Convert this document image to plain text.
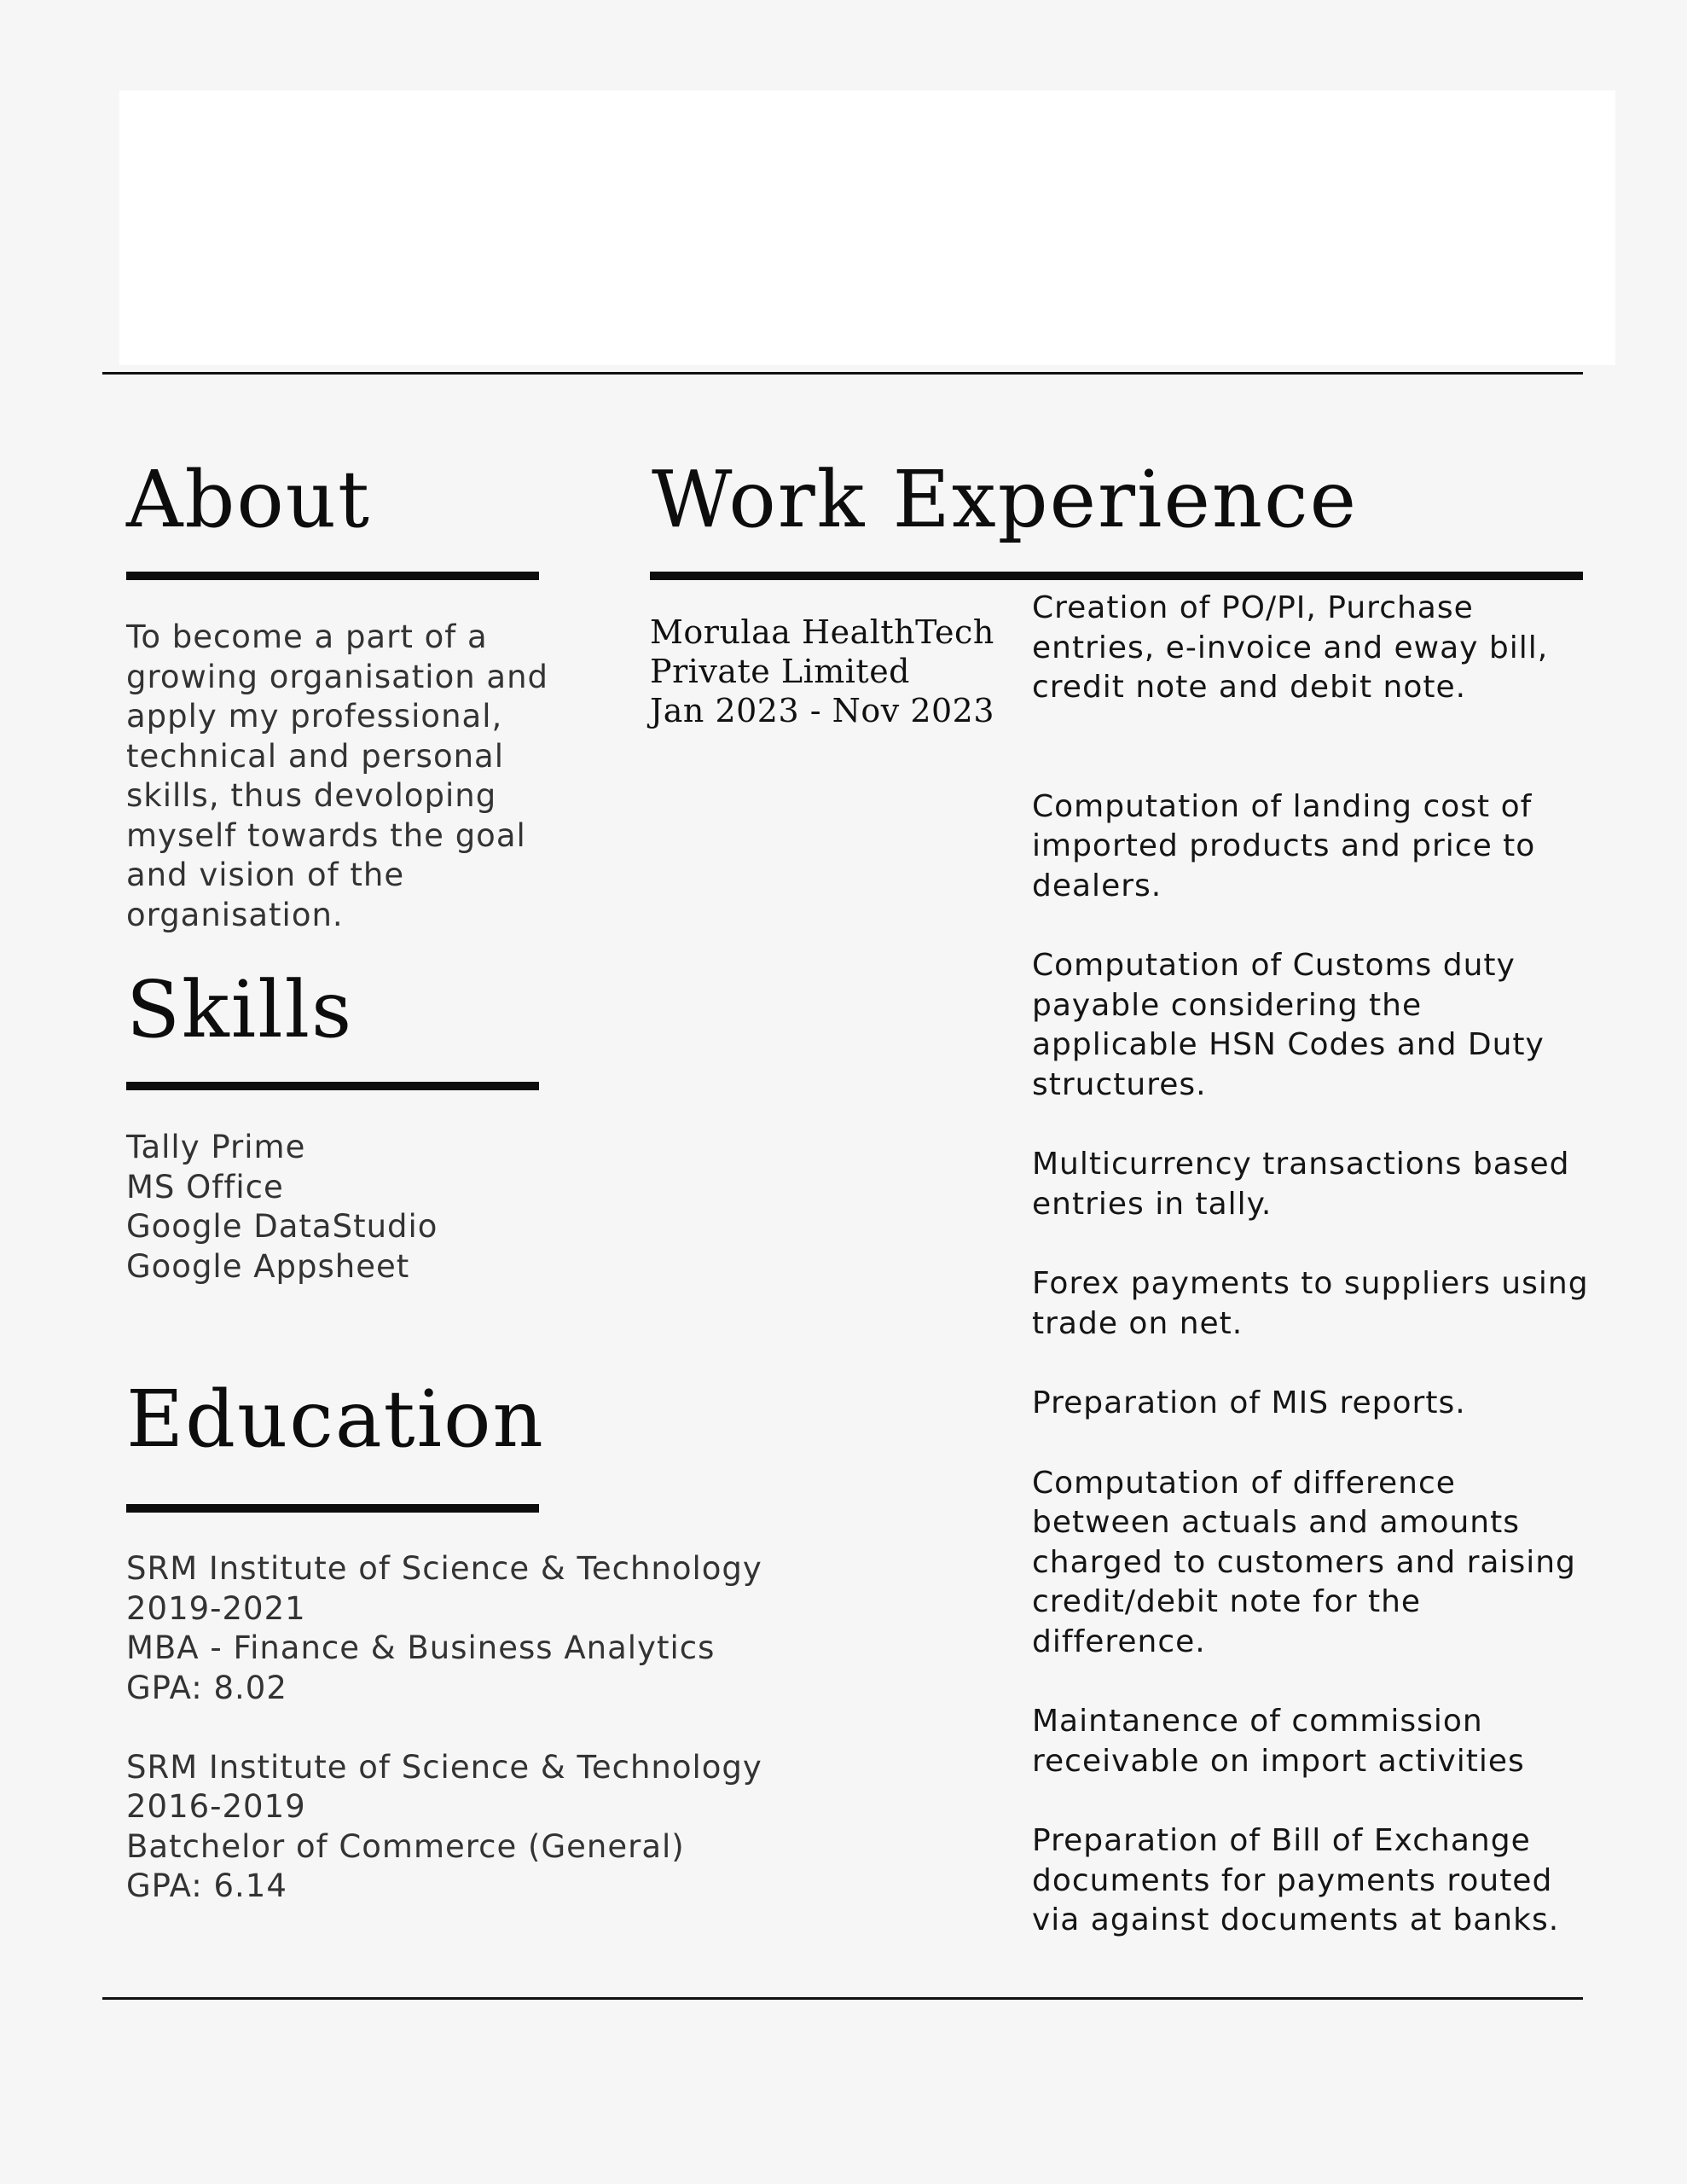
About
To become a part of a
growing organisation and
apply my professional,
technical and personal
skills, thus devoloping
myself towards the goal
and vision of the
organisation.
Skills
Tally Prime
MS Office
Google DataStudio
Google Appsheet
Education
SRM Institute of Science & Technology
2019-2021
MBA - Finance & Business Analytics
GPA: 8.02
SRM Institute of Science & Technology
2016-2019
Batchelor of Commerce (General)
GPA: 6.14
Work Experience
Morulaa HealthTech
Private Limited
Jan 2023 - Nov 2023
Creation of PO/PI, Purchase
entries, e-invoice and eway bill,
credit note and debit note.
Computation of landing cost of
imported products and price to
dealers.
Computation of Customs duty
payable considering the
applicable HSN Codes and Duty
structures.
Multicurrency transactions based
entries in tally.
Forex payments to suppliers using
trade on net.
Preparation of MIS reports.
Computation of difference
between actuals and amounts
charged to customers and raising
credit/debit note for the
difference.
Maintanence of commission
receivable on import activities
Preparation of Bill of Exchange
documents for payments routed
via against documents at banks.
